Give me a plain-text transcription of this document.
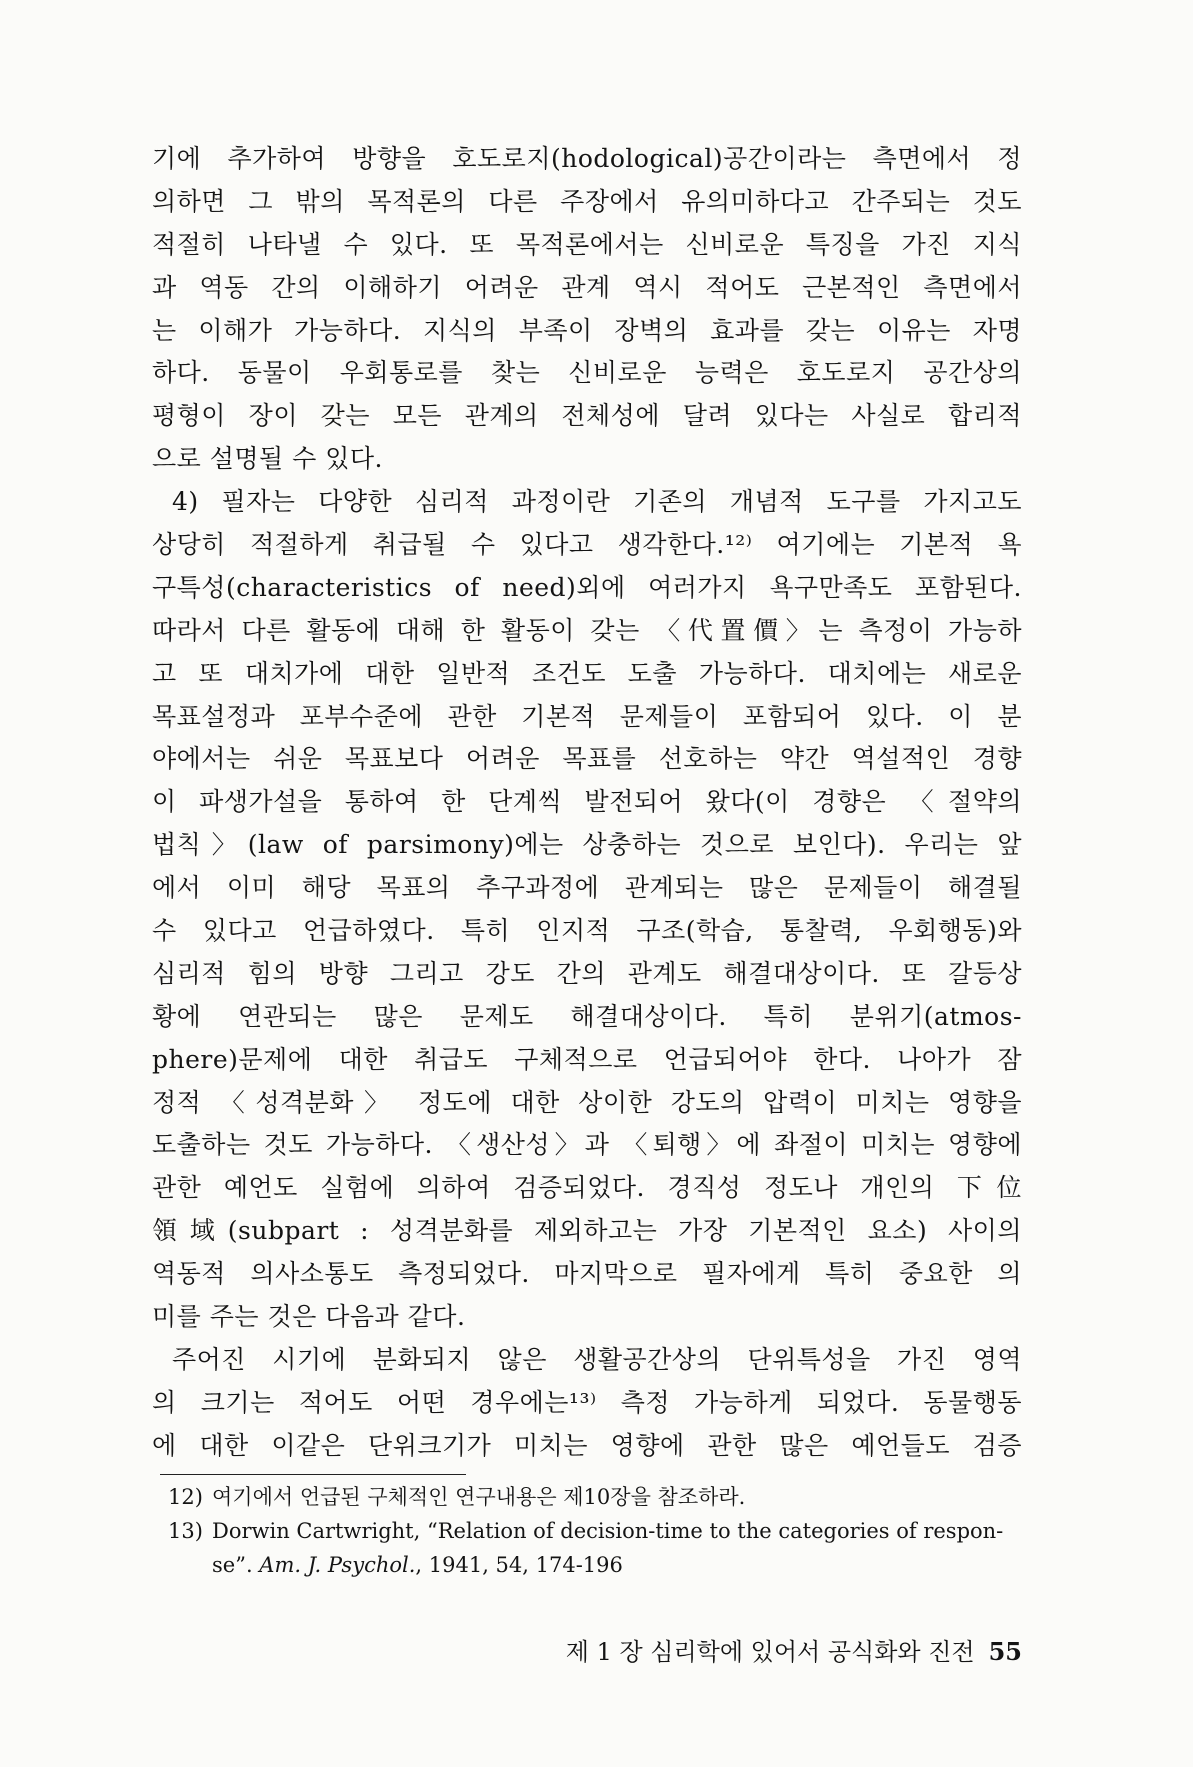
기에 추가하여 방향을 호도로지(hodological)공간이라는 측면에서 정
의하면 그 밖의 목적론의 다른 주장에서 유의미하다고 간주되는 것도
적절히 나타낼 수 있다. 또 목적론에서는 신비로운 특징을 가진 지식
과 역동 간의 이해하기 어려운 관계 역시 적어도 근본적인 측면에서
는 이해가 가능하다. 지식의 부족이 장벽의 효과를 갖는 이유는 자명
하다. 동물이 우회통로를 찾는 신비로운 능력은 호도로지 공간상의
평형이 장이 갖는 모든 관계의 전체성에 달려 있다는 사실로 합리적
으로 설명될 수 있다.
4) 필자는 다양한 심리적 과정이란 기존의 개념적 도구를 가지고도
상당히 적절하게 취급될 수 있다고 생각한다.¹²⁾ 여기에는 기본적 욕
구특성(characteristics of need)외에 여러가지 욕구만족도 포함된다.
따라서 다른 활동에 대해 한 활동이 갖는 〈代置價〉는 측정이 가능하
고 또 대치가에 대한 일반적 조건도 도출 가능하다. 대치에는 새로운
목표설정과 포부수준에 관한 기본적 문제들이 포함되어 있다. 이 분
야에서는 쉬운 목표보다 어려운 목표를 선호하는 약간 역설적인 경향
이 파생가설을 통하여 한 단계씩 발전되어 왔다(이 경향은 〈절약의
법칙〉(law of parsimony)에는 상충하는 것으로 보인다). 우리는 앞
에서 이미 해당 목표의 추구과정에 관계되는 많은 문제들이 해결될
수 있다고 언급하였다. 특히 인지적 구조(학습, 통찰력, 우회행동)와
심리적 힘의 방향 그리고 강도 간의 관계도 해결대상이다. 또 갈등상
황에 연관되는 많은 문제도 해결대상이다. 특히 분위기(atmos-
phere)문제에 대한 취급도 구체적으로 언급되어야 한다. 나아가 잠
정적 〈성격분화〉 정도에 대한 상이한 강도의 압력이 미치는 영향을
도출하는 것도 가능하다. 〈생산성〉과 〈퇴행〉에 좌절이 미치는 영향에
관한 예언도 실험에 의하여 검증되었다. 경직성 정도나 개인의 下位
領域(subpart : 성격분화를 제외하고는 가장 기본적인 요소) 사이의
역동적 의사소통도 측정되었다. 마지막으로 필자에게 특히 중요한 의
미를 주는 것은 다음과 같다.
주어진 시기에 분화되지 않은 생활공간상의 단위특성을 가진 영역
의 크기는 적어도 어떤 경우에는¹³⁾ 측정 가능하게 되었다. 동물행동
에 대한 이같은 단위크기가 미치는 영향에 관한 많은 예언들도 검증
12) 여기에서 언급된 구체적인 연구내용은 제10장을 참조하라.
13) Dorwin Cartwright, “Relation of decision-time to the categories of respon-
se”. Am. J. Psychol., 1941, 54, 174-196
제 1 장 심리학에 있어서 공식화와 진전 55
